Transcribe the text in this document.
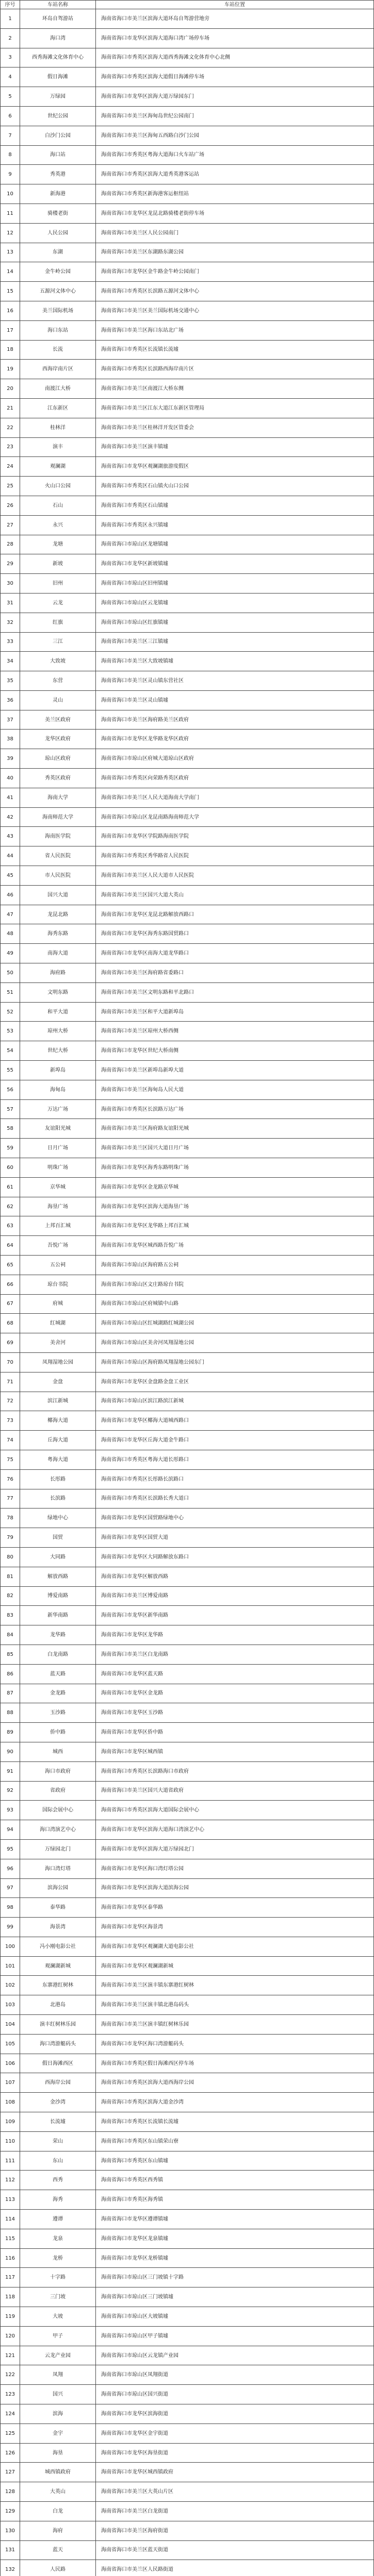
序号	车站名称	车站位置
1	环岛自驾游站	海南省海口市美兰区滨海大道环岛自驾游营地旁
2	海口湾	海南省海口市龙华区滨海大道海口湾广场停车场
3	西秀海滩文化体育中心	海南省海口市秀英区滨海大道西秀海滩文化体育中心北侧
4	假日海滩	海南省海口市秀英区滨海大道假日海滩停车场
5	万绿园	海南省海口市龙华区滨海大道万绿园东门
6	世纪公园	海南省海口市美兰区海甸岛世纪公园南门
7	白沙门公园	海南省海口市美兰区海甸五西路白沙门公园
8	海口站	海南省海口市秀英区粤海大道海口火车站广场
9	秀英港	海南省海口市秀英区滨海大道秀英港客运站
10	新海港	海南省海口市秀英区新海港客运枢纽站
11	骑楼老街	海南省海口市龙华区龙昆北路骑楼老街停车场
12	人民公园	海南省海口市美兰区人民公园南门
13	东湖	海南省海口市美兰区东湖路东湖公园
14	金牛岭公园	海南省海口市龙华区金牛路金牛岭公园南门
15	五源河文体中心	海南省海口市秀英区长滨路五源河文体中心
16	美兰国际机场	海南省海口市美兰区美兰国际机场交通中心
17	海口东站	海南省海口市美兰区海口东站北广场
18	长流	海南省海口市秀英区长流镇长流墟
19	西海岸南片区	海南省海口市秀英区长滨路西海岸南片区
20	南渡江大桥	海南省海口市美兰区南渡江大桥东侧
21	江东新区	海南省海口市美兰区江东大道江东新区管理局
22	桂林洋	海南省海口市美兰区桂林洋开发区管委会
23	演丰	海南省海口市美兰区演丰镇墟
24	观澜湖	海南省海口市龙华区观澜湖旅游度假区
25	火山口公园	海南省海口市秀英区石山镇火山口公园
26	石山	海南省海口市秀英区石山镇墟
27	永兴	海南省海口市秀英区永兴镇墟
28	龙塘	海南省海口市琼山区龙塘镇墟
29	新坡	海南省海口市龙华区新坡镇墟
30	旧州	海南省海口市琼山区旧州镇墟
31	云龙	海南省海口市琼山区云龙镇墟
32	红旗	海南省海口市琼山区红旗镇墟
33	三江	海南省海口市美兰区三江镇墟
34	大致坡	海南省海口市美兰区大致坡镇墟
35	东营	海南省海口市美兰区灵山镇东营社区
36	灵山	海南省海口市美兰区灵山镇墟
37	美兰区政府	海南省海口市美兰区海府路美兰区政府
38	龙华区政府	海南省海口市龙华区龙华路龙华区政府
39	琼山区政府	海南省海口市琼山区府城大道琼山区政府
40	秀英区政府	海南省海口市秀英区向荣路秀英区政府
41	海南大学	海南省海口市美兰区人民大道海南大学南门
42	海南师范大学	海南省海口市琼山区龙昆南路海南师范大学
43	海南医学院	海南省海口市龙华区学院路海南医学院
44	省人民医院	海南省海口市秀英区秀华路省人民医院
45	市人民医院	海南省海口市美兰区人民大道市人民医院
46	国兴大道	海南省海口市美兰区国兴大道大英山
47	龙昆北路	海南省海口市龙华区龙昆北路解放西路口
48	海秀东路	海南省海口市龙华区海秀东路国贸路口
49	南海大道	海南省海口市龙华区南海大道龙华路口
50	海府路	海南省海口市美兰区海府路省委路口
51	文明东路	海南省海口市美兰区文明东路和平北路口
52	和平大道	海南省海口市美兰区和平大道新埠岛
53	琼州大桥	海南省海口市美兰区琼州大桥西侧
54	世纪大桥	海南省海口市龙华区世纪大桥南侧
55	新埠岛	海南省海口市美兰区新埠岛新埠大道
56	海甸岛	海南省海口市美兰区海甸岛人民大道
57	万达广场	海南省海口市秀英区长滨路万达广场
58	友谊阳光城	海南省海口市美兰区海府路友谊阳光城
59	日月广场	海南省海口市美兰区国兴大道日月广场
60	明珠广场	海南省海口市龙华区海秀东路明珠广场
61	京华城	海南省海口市龙华区金龙路京华城
62	海垦广场	海南省海口市龙华区滨海大道海垦广场
63	上邦百汇城	海南省海口市龙华区龙华路上邦百汇城
64	吾悦广场	海南省海口市龙华区城西路吾悦广场
65	五公祠	海南省海口市琼山区海府路五公祠
66	琼台书院	海南省海口市琼山区文庄路琼台书院
67	府城	海南省海口市琼山区府城镇中山路
68	红城湖	海南省海口市琼山区红城湖路红城湖公园
69	美舍河	海南省海口市琼山区美舍河凤翔湿地公园
70	凤翔湿地公园	海南省海口市琼山区海府路凤翔湿地公园东门
71	金盘	海南省海口市龙华区金盘路金盘工业区
72	滨江新城	海南省海口市琼山区滨江路滨江新城
73	椰海大道	海南省海口市龙华区椰海大道城西路口
74	丘海大道	海南省海口市龙华区丘海大道金牛路口
75	粤海大道	海南省海口市秀英区粤海大道长彤路口
76	长彤路	海南省海口市秀英区长彤路长滨路口
77	长滨路	海南省海口市秀英区长滨路长秀大道口
78	绿地中心	海南省海口市龙华区国贸路绿地中心
79	国贸	海南省海口市龙华区国贸大道
80	大同路	海南省海口市龙华区大同路解放东路口
81	解放西路	海南省海口市龙华区解放西路
82	博爱南路	海南省海口市美兰区博爱南路
83	新华南路	海南省海口市龙华区新华南路
84	龙华路	海南省海口市龙华区龙华路
85	白龙南路	海南省海口市美兰区白龙南路
86	蓝天路	海南省海口市龙华区蓝天路
87	金龙路	海南省海口市龙华区金龙路
88	玉沙路	海南省海口市龙华区玉沙路
89	侨中路	海南省海口市龙华区侨中路
90	城西	海南省海口市龙华区城西镇
91	海口市政府	海南省海口市秀英区长滨路海口市政府
92	省政府	海南省海口市美兰区国兴大道省政府
93	国际会展中心	海南省海口市秀英区滨海大道国际会展中心
94	海口湾演艺中心	海南省海口市龙华区滨海大道海口湾演艺中心
95	万绿园北门	海南省海口市龙华区滨海大道万绿园北门
96	海口湾灯塔	海南省海口市龙华区海口湾灯塔公园
97	滨海公园	海南省海口市龙华区滨海大道滨海公园
98	泰华路	海南省海口市龙华区泰华路
99	海景湾	海南省海口市龙华区海景湾
100	冯小刚电影公社	海南省海口市龙华区观澜湖大道电影公社
101	观澜湖新城	海南省海口市龙华区观澜湖新城
102	东寨港红树林	海南省海口市美兰区演丰镇东寨港红树林
103	北港岛	海南省海口市美兰区演丰镇北港岛码头
104	演丰红树林乐园	海南省海口市美兰区演丰镇红树林乐园
105	海口湾游艇码头	海南省海口市龙华区海口湾游艇码头
106	假日海滩西区	海南省海口市秀英区假日海滩西区停车场
107	西海岸公园	海南省海口市秀英区滨海大道西海岸公园
108	金沙湾	海南省海口市秀英区滨海大道金沙湾
109	长流墟	海南省海口市秀英区长流镇长流墟
110	荣山	海南省海口市秀英区东山镇荣山寮
111	东山	海南省海口市秀英区东山镇墟
112	西秀	海南省海口市秀英区西秀镇
113	海秀	海南省海口市秀英区海秀镇
114	遵谭	海南省海口市龙华区遵谭镇墟
115	龙泉	海南省海口市龙华区龙泉镇墟
116	龙桥	海南省海口市龙华区龙桥镇墟
117	十字路	海南省海口市琼山区三门坡镇十字路
118	三门坡	海南省海口市琼山区三门坡镇墟
119	大坡	海南省海口市琼山区大坡镇墟
120	甲子	海南省海口市琼山区甲子镇墟
121	云龙产业园	海南省海口市琼山区云龙镇产业园
122	凤翔	海南省海口市琼山区凤翔街道
123	国兴	海南省海口市琼山区国兴街道
124	滨海	海南省海口市龙华区滨海街道
125	金宇	海南省海口市龙华区金宇街道
126	海垦	海南省海口市龙华区海垦街道
127	城西镇政府	海南省海口市龙华区城西镇政府
128	大英山	海南省海口市美兰区大英山片区
129	白龙	海南省海口市美兰区白龙街道
130	海府	海南省海口市美兰区海府街道
131	蓝天	海南省海口市美兰区蓝天街道
132	人民路	海南省海口市美兰区人民路街道
